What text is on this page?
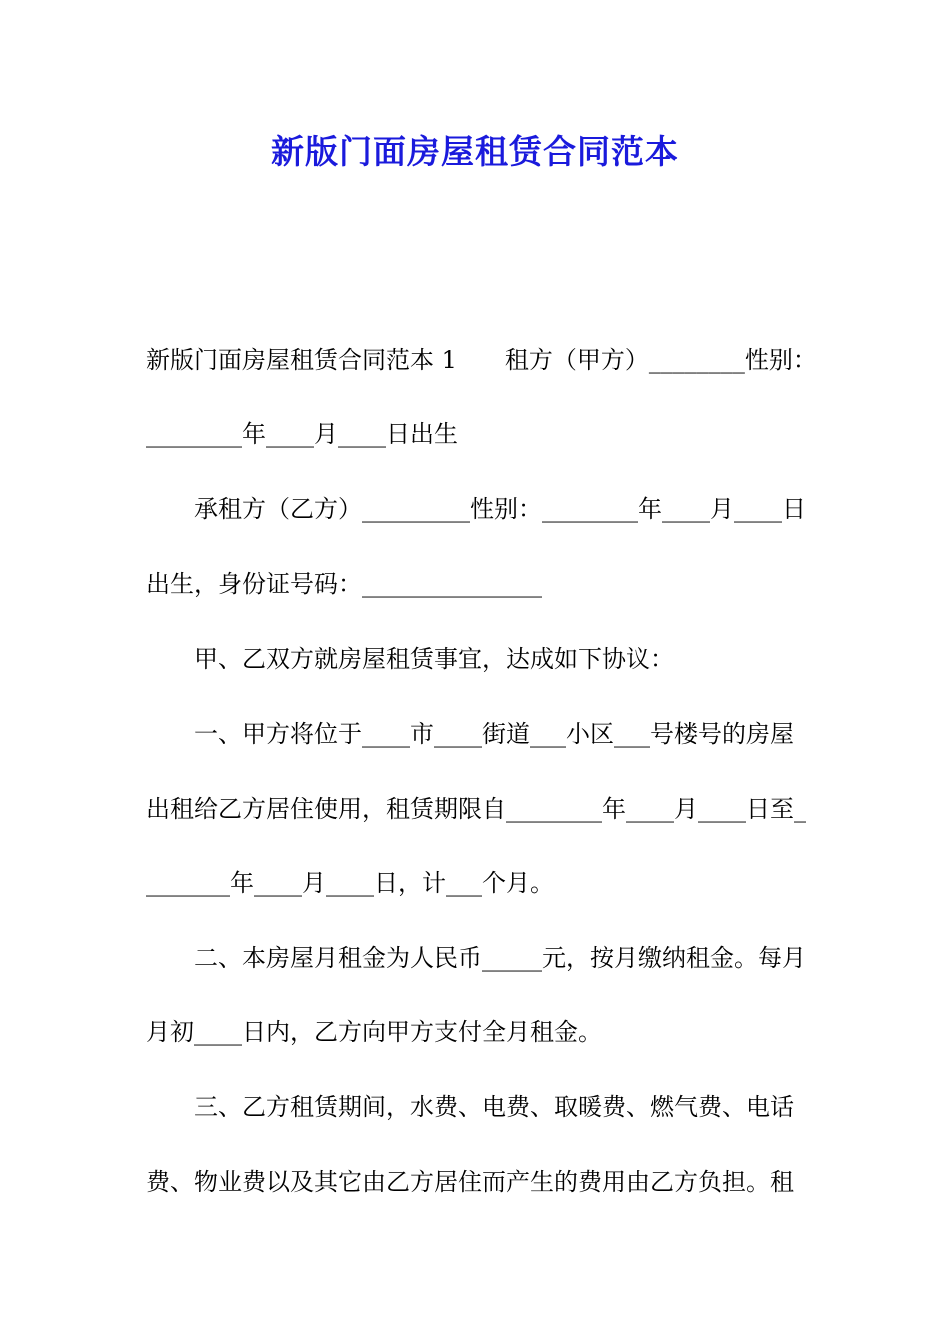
新版门面房屋租赁合同范本
新版门面房屋租赁合同范本 1　　租方（甲方）________性别：
________年____月____日出生
承租方（乙方）_________性别：________年____月____日
出生，身份证号码：_______________
甲、乙双方就房屋租赁事宜，达成如下协议：
一、甲方将位于____市____街道___小区___号楼号的房屋
出租给乙方居住使用，租赁期限自________年____月____日至_
_______年____月____日，计___个月。
二、本房屋月租金为人民币_____元，按月缴纳租金。每月
月初____日内，乙方向甲方支付全月租金。
三、乙方租赁期间，水费、电费、取暖费、燃气费、电话
费、物业费以及其它由乙方居住而产生的费用由乙方负担。租
